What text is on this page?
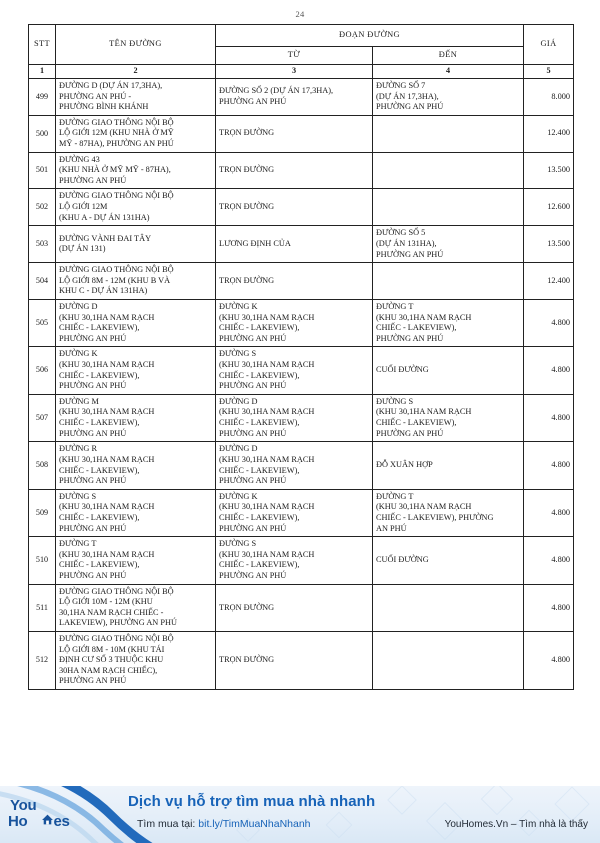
24
STT	TÊN ĐƯỜNG	ĐOẠN ĐƯỜNG		GIÁ
		TỪ	ĐẾN	
1	2	3	4	5
499	ĐƯỜNG D (DỰ ÁN 17,3HA),
PHƯỜNG AN PHÚ -
PHƯỜNG BÌNH KHÁNH	ĐƯỜNG SỐ 2 (DỰ ÁN 17,3HA),
PHƯỜNG AN PHÚ	ĐƯỜNG SỐ 7
(DỰ ÁN 17,3HA),
PHƯỜNG AN PHÚ	8.000
500	ĐƯỜNG GIAO THÔNG NỘI BỘ
LỘ GIỚI 12M (KHU NHÀ Ở MỸ
MỸ - 87HA), PHƯỜNG AN PHÚ	TRỌN ĐƯỜNG		12.400
501	ĐƯỜNG 43
(KHU NHÀ Ở MỸ MỸ - 87HA),
PHƯỜNG AN PHÚ	TRỌN ĐƯỜNG		13.500
502	ĐƯỜNG GIAO THÔNG NỘI BỘ
LỘ GIỚI 12M
(KHU A - DỰ ÁN 131HA)	TRỌN ĐƯỜNG		12.600
503	ĐƯỜNG VÀNH ĐAI TÂY
(DỰ ÁN 131)	LƯƠNG ĐỊNH CỦA	ĐƯỜNG SỐ 5
(DỰ ÁN 131HA),
PHƯỜNG AN PHÚ	13.500
504	ĐƯỜNG GIAO THÔNG NỘI BỘ
LỘ GIỚI 8M - 12M (KHU B VÀ
KHU C - DỰ ÁN 131HA)	TRỌN ĐƯỜNG		12.400
505	ĐƯỜNG D
(KHU 30,1HA NAM RẠCH
CHIẾC - LAKEVIEW),
PHƯỜNG AN PHÚ	ĐƯỜNG K
(KHU 30,1HA NAM RẠCH
CHIẾC - LAKEVIEW),
PHƯỜNG AN PHÚ	ĐƯỜNG T
(KHU 30,1HA NAM RẠCH
CHIẾC - LAKEVIEW),
PHƯỜNG AN PHÚ	4.800
506	ĐƯỜNG K
(KHU 30,1HA NAM RẠCH
CHIẾC - LAKEVIEW),
PHƯỜNG AN PHÚ	ĐƯỜNG S
(KHU 30,1HA NAM RẠCH
CHIẾC - LAKEVIEW),
PHƯỜNG AN PHÚ	CUỐI ĐƯỜNG	4.800
507	ĐƯỜNG M
(KHU 30,1HA NAM RẠCH
CHIẾC - LAKEVIEW),
PHƯỜNG AN PHÚ	ĐƯỜNG D
(KHU 30,1HA NAM RẠCH
CHIẾC - LAKEVIEW),
PHƯỜNG AN PHÚ	ĐƯỜNG S
(KHU 30,1HA NAM RẠCH
CHIẾC - LAKEVIEW),
PHƯỜNG AN PHÚ	4.800
508	ĐƯỜNG R
(KHU 30,1HA NAM RẠCH
CHIẾC - LAKEVIEW),
PHƯỜNG AN PHÚ	ĐƯỜNG D
(KHU 30,1HA NAM RẠCH
CHIẾC - LAKEVIEW),
PHƯỜNG AN PHÚ	ĐỖ XUÂN HỢP	4.800
509	ĐƯỜNG S
(KHU 30,1HA NAM RẠCH
CHIẾC - LAKEVIEW),
PHƯỜNG AN PHÚ	ĐƯỜNG K
(KHU 30,1HA NAM RẠCH
CHIẾC - LAKEVIEW),
PHƯỜNG AN PHÚ	ĐƯỜNG T
(KHU 30,1HA NAM RẠCH
CHIẾC - LAKEVIEW), PHƯỜNG
AN PHÚ	4.800
510	ĐƯỜNG T
(KHU 30,1HA NAM RẠCH
CHIẾC - LAKEVIEW),
PHƯỜNG AN PHÚ	ĐƯỜNG S
(KHU 30,1HA NAM RẠCH
CHIẾC - LAKEVIEW),
PHƯỜNG AN PHÚ	CUỐI ĐƯỜNG	4.800
511	ĐƯỜNG GIAO THÔNG NỘI BỘ
LỘ GIỚI 10M - 12M (KHU
30,1HA NAM RẠCH CHIẾC -
LAKEVIEW), PHƯỜNG AN PHÚ	TRỌN ĐƯỜNG		4.800
512	ĐƯỜNG GIAO THÔNG NỘI BỘ
LỘ GIỚI 8M - 10M (KHU TÁI
ĐỊNH CƯ SỐ 3 THUỘC KHU
30HA NAM RẠCH CHIẾC),
PHƯỜNG AN PHÚ	TRỌN ĐƯỜNG		4.800
You
Ho es
Dịch vụ hỗ trợ tìm mua nhà nhanh
Tìm mua tại: bit.ly/TimMuaNhaNhanh	YouHomes.Vn – Tìm nhà là thấy
